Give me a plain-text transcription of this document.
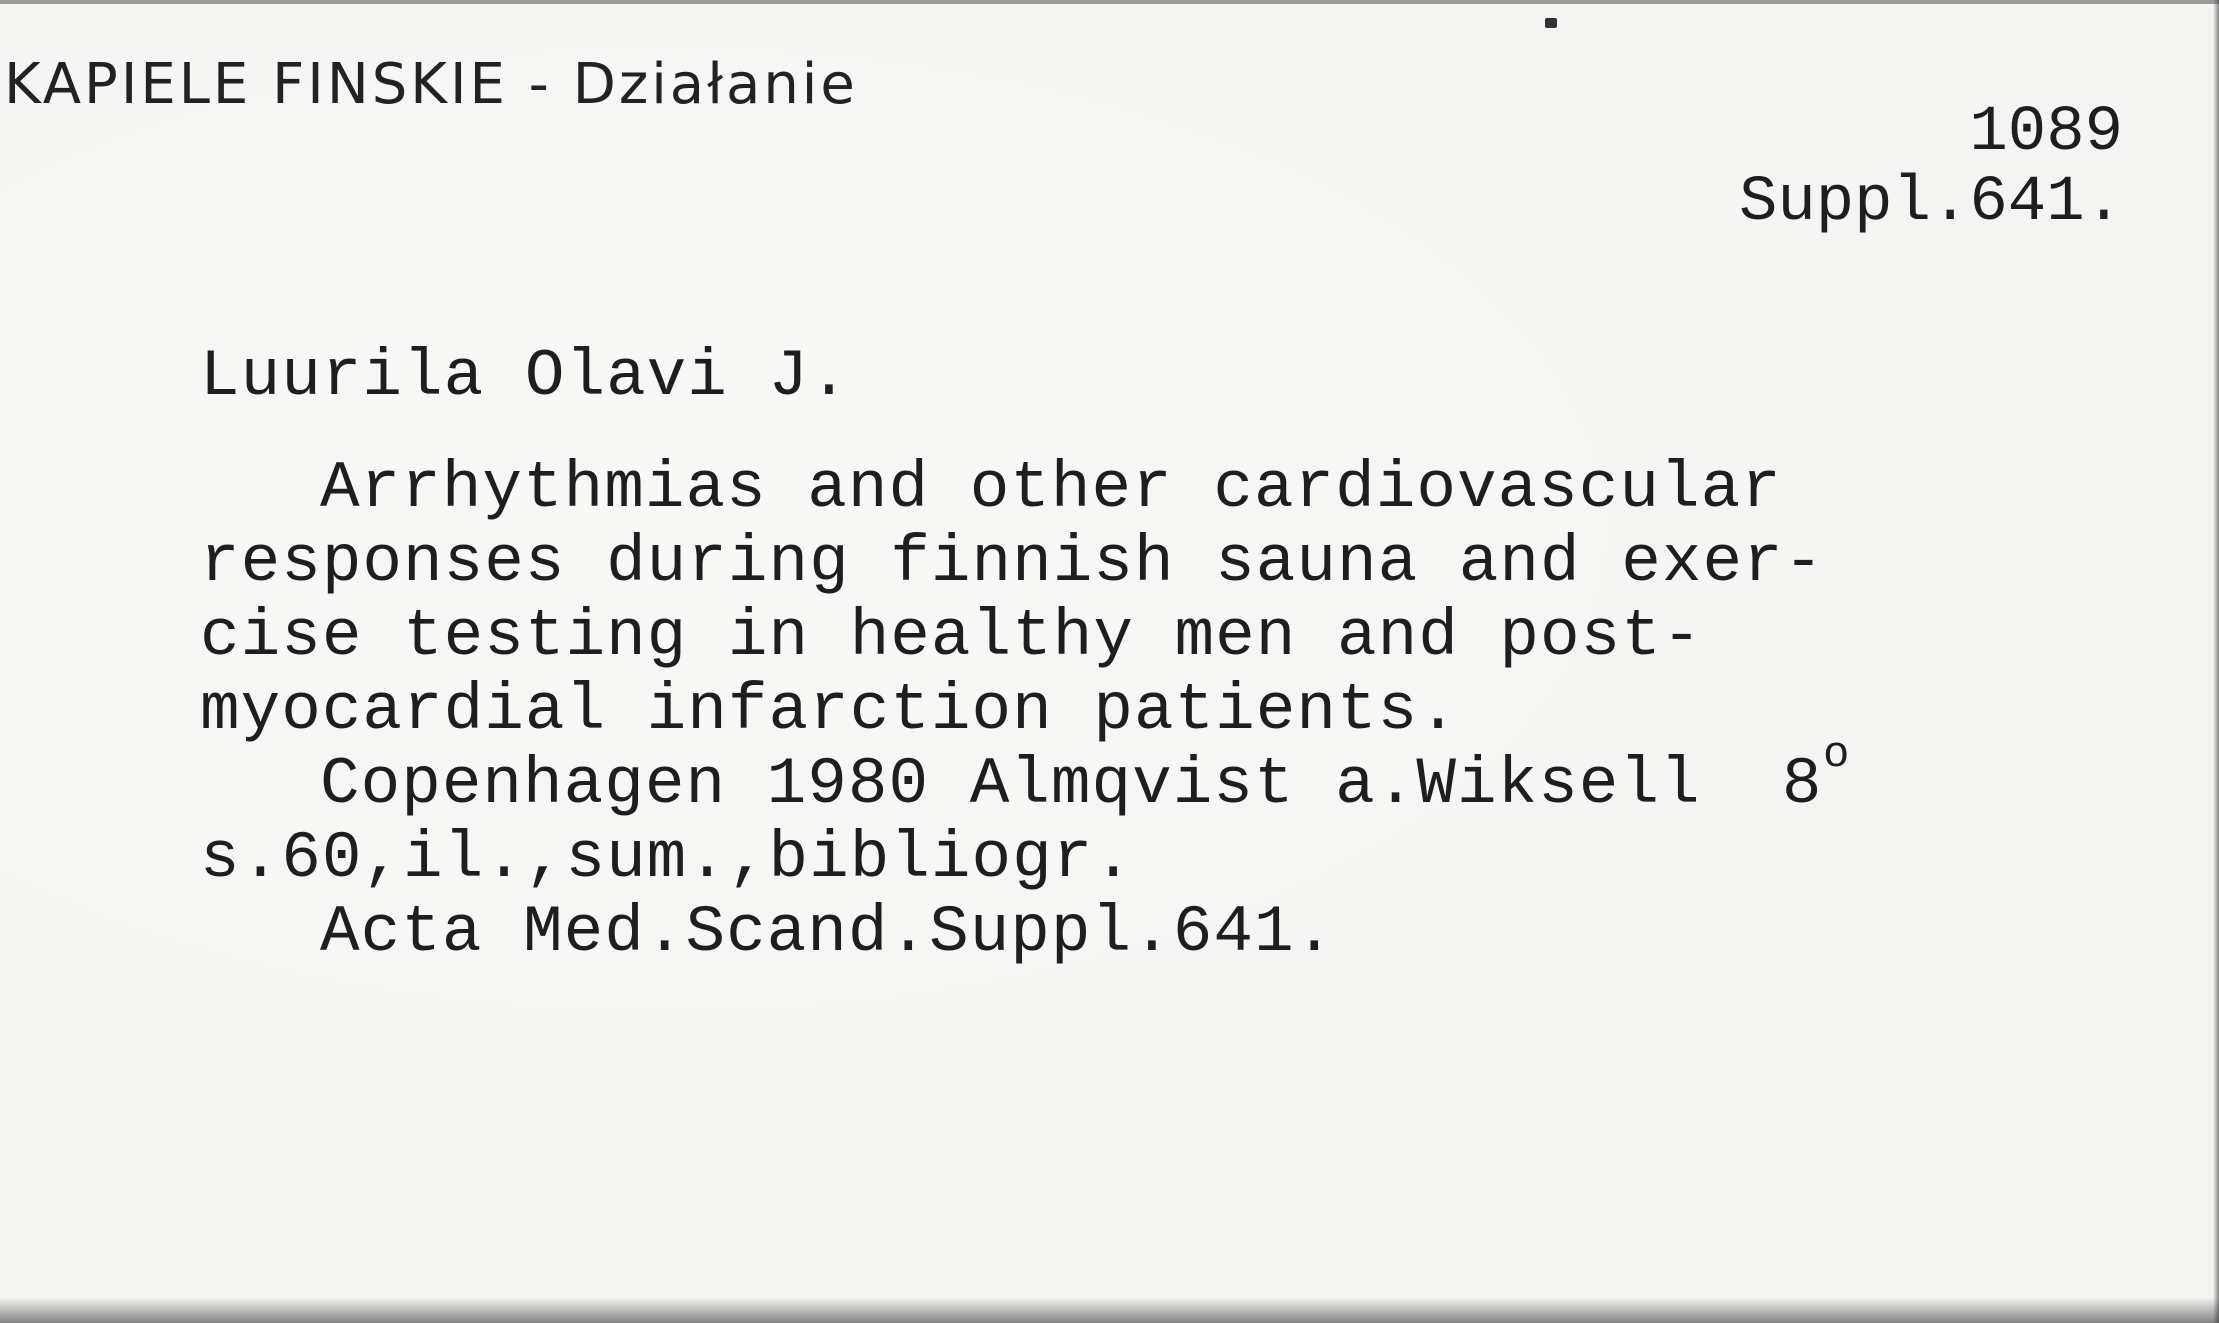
KAPIELE FINSKIE - Działanie
1089
Suppl.641.
Luurila Olavi J.
Arrhythmias and other cardiovascular
responses during finnish sauna and exer-
cise testing in healthy men and post-
myocardial infarction patients.
Copenhagen 1980 Almqvist a.Wiksell 8 o
s.60,il.,sum.,bibliogr.
Acta Med.Scand.Suppl.641.
